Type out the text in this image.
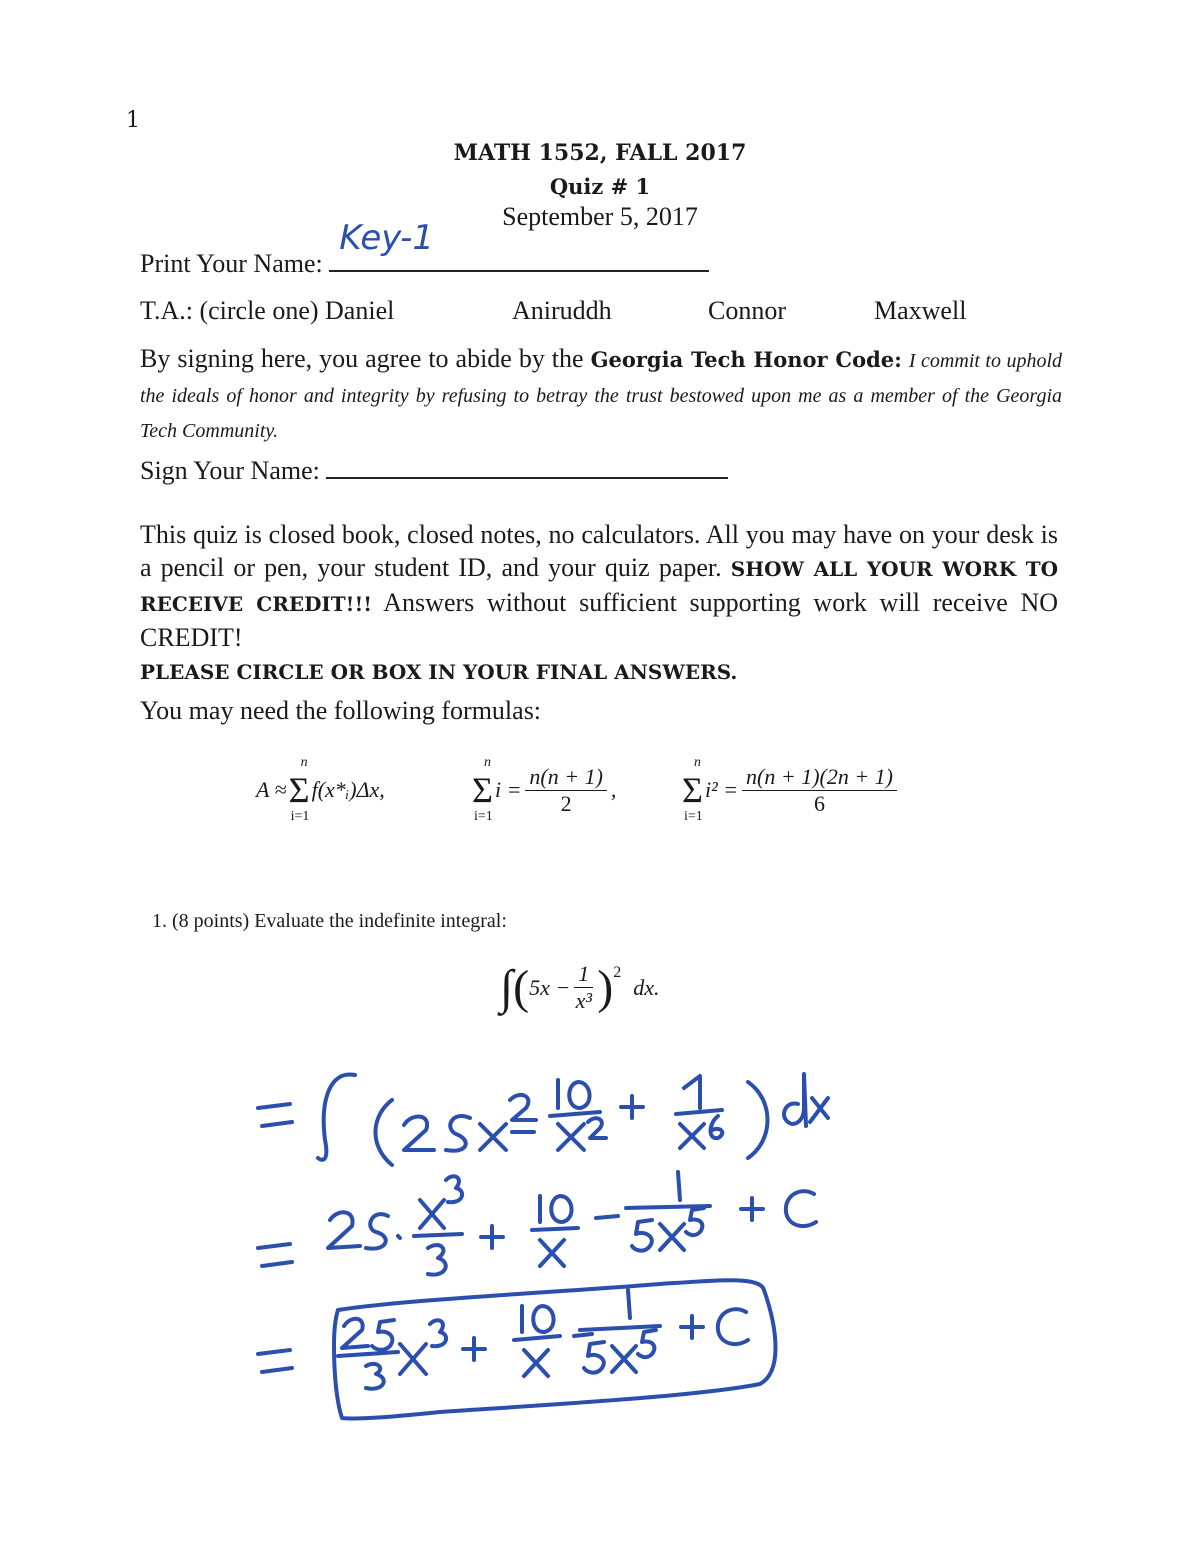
1
MATH 1552, FALL 2017
Quiz # 1
September 5, 2017
Print Your Name:
Key-1
T.A.: (circle one) Daniel	Aniruddh	Connor	Maxwell
By signing here, you agree to abide by the Georgia Tech Honor Code: I commit to uphold the ideals of honor and integrity by refusing to betray the trust bestowed upon me as a member of the Georgia Tech Community.
Sign Your Name:
This quiz is closed book, closed notes, no calculators. All you may have on your desk is a pencil or pen, your student ID, and your quiz paper. SHOW ALL YOUR WORK TO RECEIVE CREDIT!!! Answers without sufficient supporting work will receive NO CREDIT!
PLEASE CIRCLE OR BOX IN YOUR FINAL ANSWERS.
You may need the following formulas:
A ≈ Σ
n
i=1
f(x*ᵢ)Δx, Σ
n
i=1
$i = \frac{n(n + 1)}{2}$ , Σ
n
i=1
$i^2 = \frac{n(n + 1)(2n + 1)}{6}$
1. (8 points) Evaluate the indefinite integral:
∫ ( $5x - \frac{1}{\text{x³}} )^2$
dx.
